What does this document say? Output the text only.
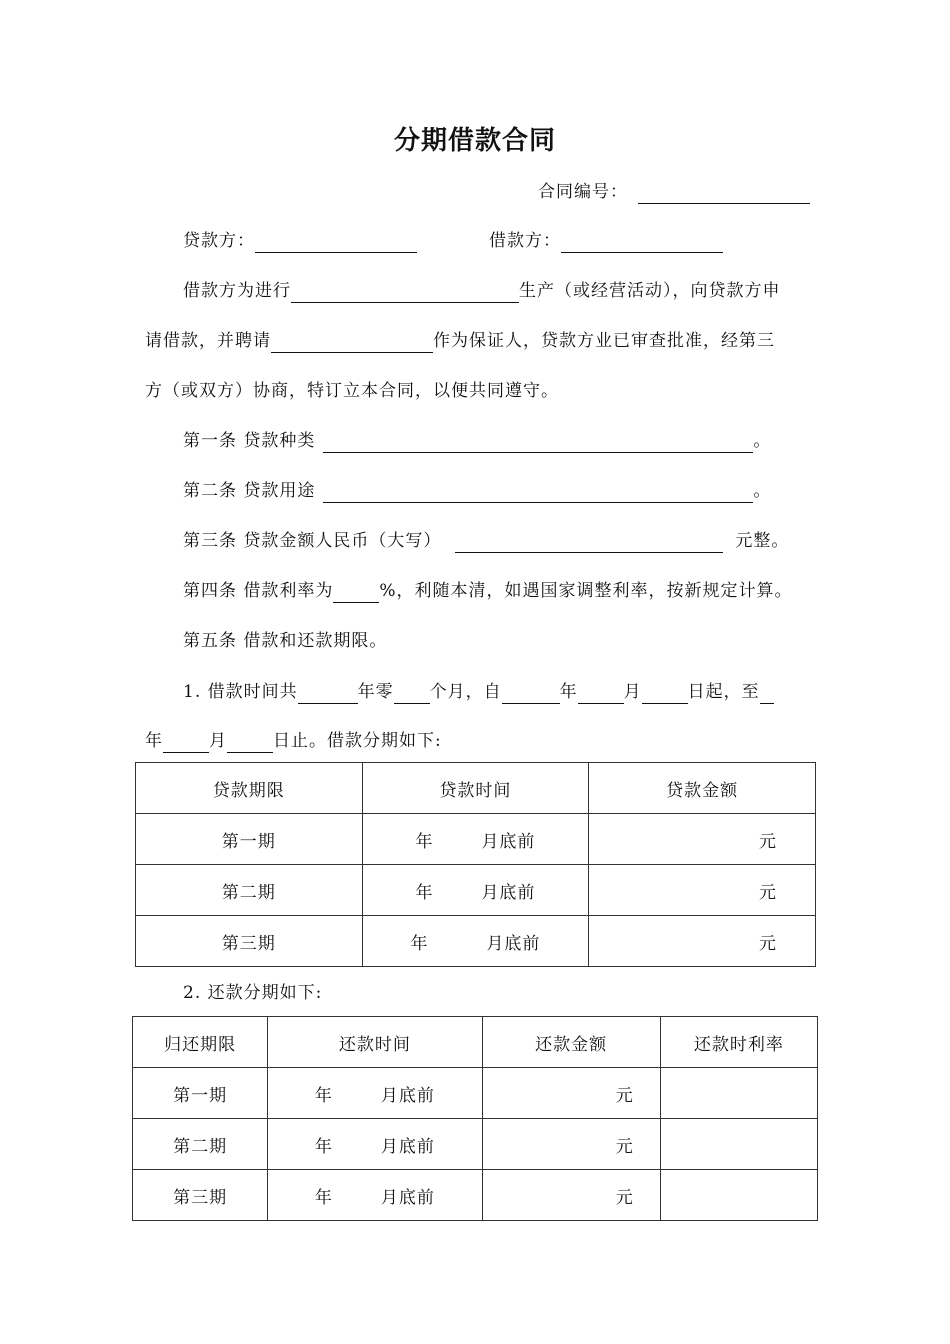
分期借款合同
合同编号：
贷款方：	借款方：
借款方为进行	生产（或经营活动），向贷款方申
请借款，并聘请	作为保证人，贷款方业已审查批准，经第三
方（或双方）协商，特订立本合同，以便共同遵守。
第一条 贷款种类	。
第二条 贷款用途	。
第三条 贷款金额人民币（大写）	元整。
第四条 借款利率为	%，利随本清，如遇国家调整利率，按新规定计算。
第五条 借款和还款期限。
1. 借款时间共	年零 个月，自	年	月	日起，至
年	月	日止。借款分期如下:
贷款期限	贷款时间	贷款金额
第一期	年 月底前	元
第二期	年 月底前	元
第三期	年 月底前	元
2. 还款分期如下:
归还期限	还款时间	还款金额	还款时利率
第一期	年 月底前	元	
第二期	年 月底前	元	
第三期	年 月底前	元	
